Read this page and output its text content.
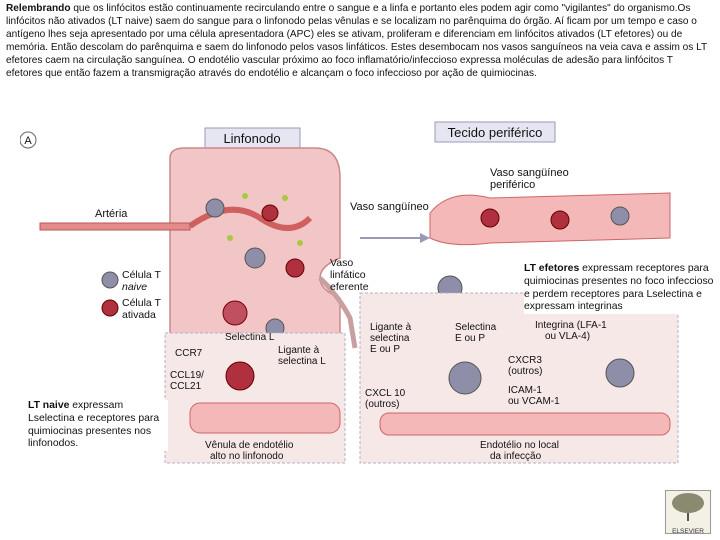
Relembrando que os linfócitos estão continuamente recirculando entre o sangue e a linfa e portanto eles podem agir como "vigilantes" do organismo.Os linfócitos não ativados (LT naive) saem do sangue para o linfonodo pelas vênulas e se localizam no parênquima do órgão. Aí ficam por um tempo e caso o antígeno lhes seja apresentado por uma célula apresentadora (APC) eles se ativam, proliferam e diferenciam em linfócitos ativados (LT efetores) ou de memória. Então descolam do parênquima e saem do linfonodo pelos vasos linfáticos. Estes desembocam nos vasos sanguíneos na veia cava e assim os LT efetores caem na circulação sanguínea. O endotélio vascular próximo ao foco inflamatório/infeccioso expressa moléculas de adesão para linfócitos T efetores que então fazem a transmigração através do endotélio e alcançam o foco infeccioso por ação de quimiocinas.
A	Linfonodo	Tecido periférico
Artéria
Vaso sangüíneo
Vaso
linfático
eferente
Célula T
naive
Célula T
ativada
Vaso sangüíneo
periférico
Selectina L
CCR7
CCL19/
CCL21
Ligante à
selectina L
Vênula de endotélio
alto no linfonodo
Ligante à
selectina
E ou P
Selectina
E ou P
Integrina (LFA-1
ou VLA-4)
CXCR3
(outros)
ICAM-1
ou VCAM-1
CXCL 10
(outros)
Endotélio no local
da infecção
LT efetores expressam receptores para quimiocinas presentes no foco infeccioso e perdem receptores para Lselectina e expressam integrinas
LT naive expressam Lselectina e receptores para quimiocinas presentes nos linfonodos.
ELSEVIER
